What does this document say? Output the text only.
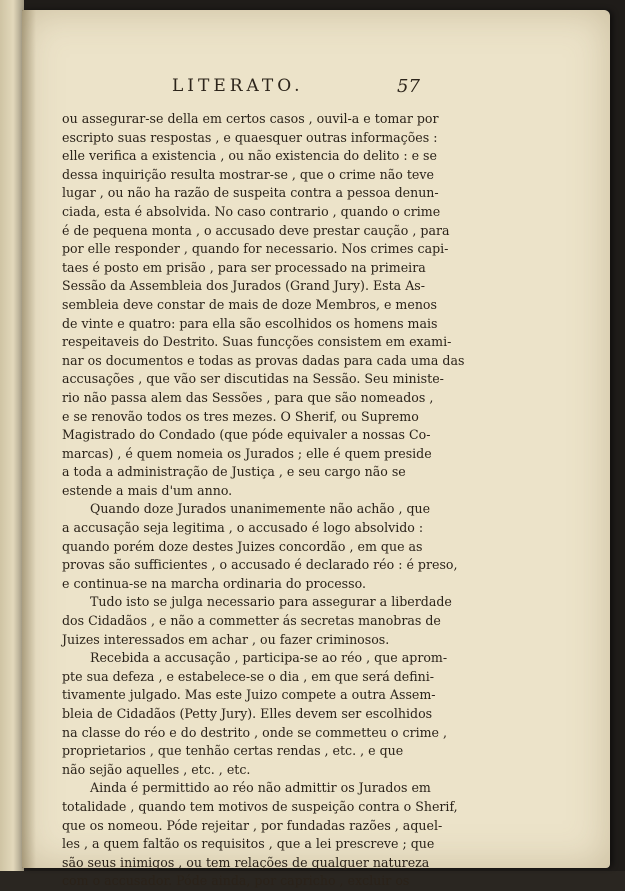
LITERATO.	57
ou assegurar-se della em certos casos , ouvil-a e tomar por
escripto suas respostas , e quaesquer outras informações :
elle verifica a existencia , ou não existencia do delito : e se
dessa inquirição resulta mostrar-se , que o crime não teve
lugar , ou não ha razão de suspeita contra a pessoa denun-
ciada, esta é absolvida. No caso contrario , quando o crime
é de pequena monta , o accusado deve prestar caução , para
por elle responder , quando for necessario. Nos crimes capi-
taes é posto em prisão , para ser processado na primeira
Sessão da Assembleia dos Jurados (Grand Jury). Esta As-
sembleia deve constar de mais de doze Membros, e menos
de vinte e quatro: para ella são escolhidos os homens mais
respeitaveis do Destrito. Suas funcções consistem em exami-
nar os documentos e todas as provas dadas para cada uma das
accusações , que vão ser discutidas na Sessão. Seu ministe-
rio não passa alem das Sessões , para que são nomeados ,
e se renovão todos os tres mezes. O Sherif, ou Supremo
Magistrado do Condado (que póde equivaler a nossas Co-
marcas) , é quem nomeia os Jurados ; elle é quem preside
a toda a administração de Justiça , e seu cargo não se
estende a mais d'um anno.
Quando doze Jurados unanimemente não achão , que
a accusação seja legitima , o accusado é logo absolvido :
quando porém doze destes Juizes concordão , em que as
provas são sufficientes , o accusado é declarado réo : é preso,
e continua-se na marcha ordinaria do processo.
Tudo isto se julga necessario para assegurar a liberdade
dos Cidadãos , e não a commetter ás secretas manobras de
Juizes interessados em achar , ou fazer criminosos.
Recebida a accusação , participa-se ao réo , que aprom-
pte sua defeza , e estabelece-se o dia , em que será defini-
tivamente julgado. Mas este Juizo compete a outra Assem-
bleia de Cidadãos (Petty Jury). Elles devem ser escolhidos
na classe do réo e do destrito , onde se commetteu o crime ,
proprietarios , que tenhão certas rendas , etc. , e que
não sejão aquelles , etc. , etc.
Ainda é permittido ao réo não admittir os Jurados em
totalidade , quando tem motivos de suspeição contra o Sherif,
que os nomeou. Póde rejeitar , por fundadas razões , aquel-
les , a quem faltão os requisitos , que a lei prescreve ; que
são seus inimigos , ou tem relações de qualquer natureza
com o accusador. Póde ainda, por capricho , excluir os
